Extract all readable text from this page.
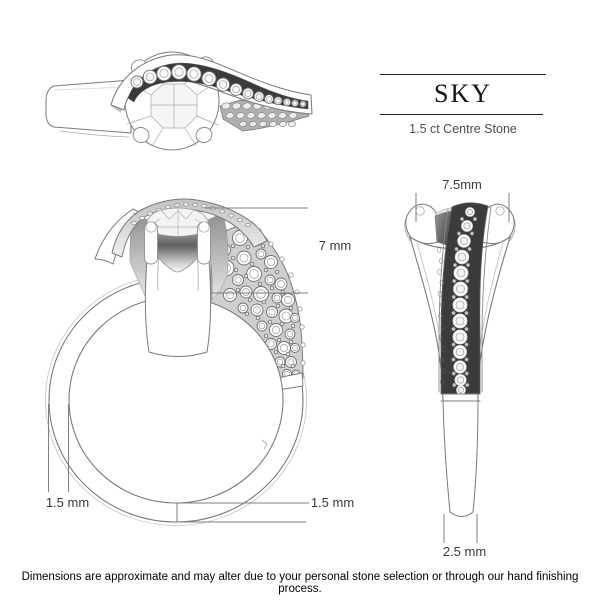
SKY
1.5 ct Centre Stone
7.5mm
7 mm
1.5 mm	1.5 mm
2.5 mm
Dimensions are approximate and may alter due to your personal stone selection or through our hand finishing process.
